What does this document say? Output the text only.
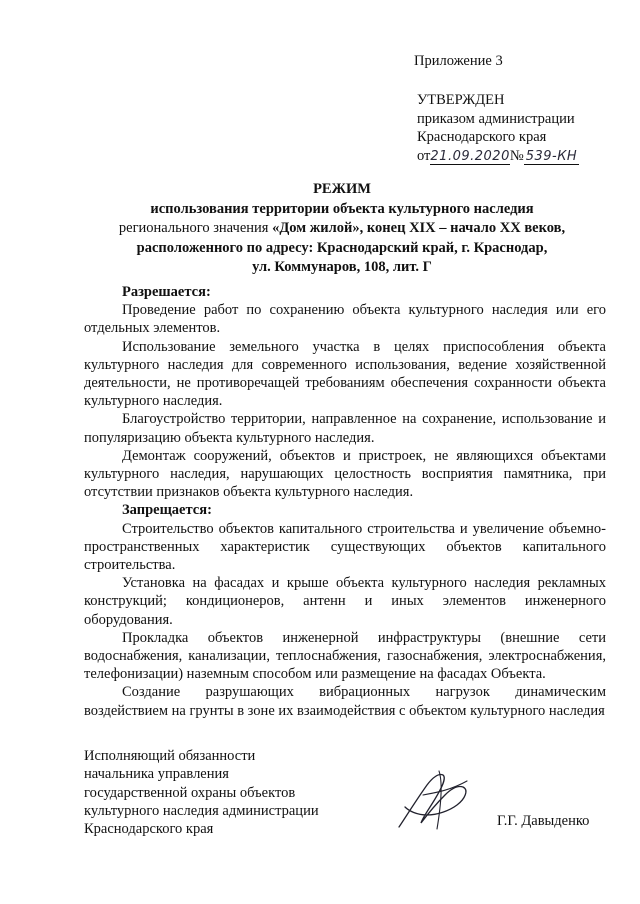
Приложение 3
УТВЕРЖДЕН
приказом администрации
Краснодарского края
от21.09.2020№ 539-КН
РЕЖИМ
использования территории объекта культурного наследия
регионального значения «Дом жилой», конец XIX – начало XX веков,
расположенного по адресу: Краснодарский край, г. Краснодар,
ул. Коммунаров, 108, лит. Г

Разрешается:

Проведение работ по сохранению объекта культурного наследия или его отдельных элементов.

Использование земельного участка в целях приспособления объекта культурного наследия для современного использования, ведение хозяйственной деятельности, не противоречащей требованиям обеспечения сохранности объекта культурного наследия.

Благоустройство территории, направленное на сохранение, использование и популяризацию объекта культурного наследия.

Демонтаж сооружений, объектов и пристроек, не являющихся объектами культурного наследия, нарушающих целостность восприятия памятника, при отсутствии признаков объекта культурного наследия.

Запрещается:

Строительство объектов капитального строительства и увеличение объемно-пространственных характеристик существующих объектов капитального строительства.

Установка на фасадах и крыше объекта культурного наследия рекламных конструкций; кондиционеров, антенн и иных элементов инженерного оборудования.

Прокладка объектов инженерной инфраструктуры (внешние сети водоснабжения, канализации, теплоснабжения, газоснабжения, электроснабжения, телефонизации) наземным способом или размещение на фасадах Объекта.

Создание разрушающих вибрационных нагрузок динамическим воздействием на грунты в зоне их взаимодействия с объектом культурного наследия

Исполняющий обязанности
начальника управления
государственной охраны объектов
культурного наследия администрации
Краснодарского края
Г.Г. Давыденко
